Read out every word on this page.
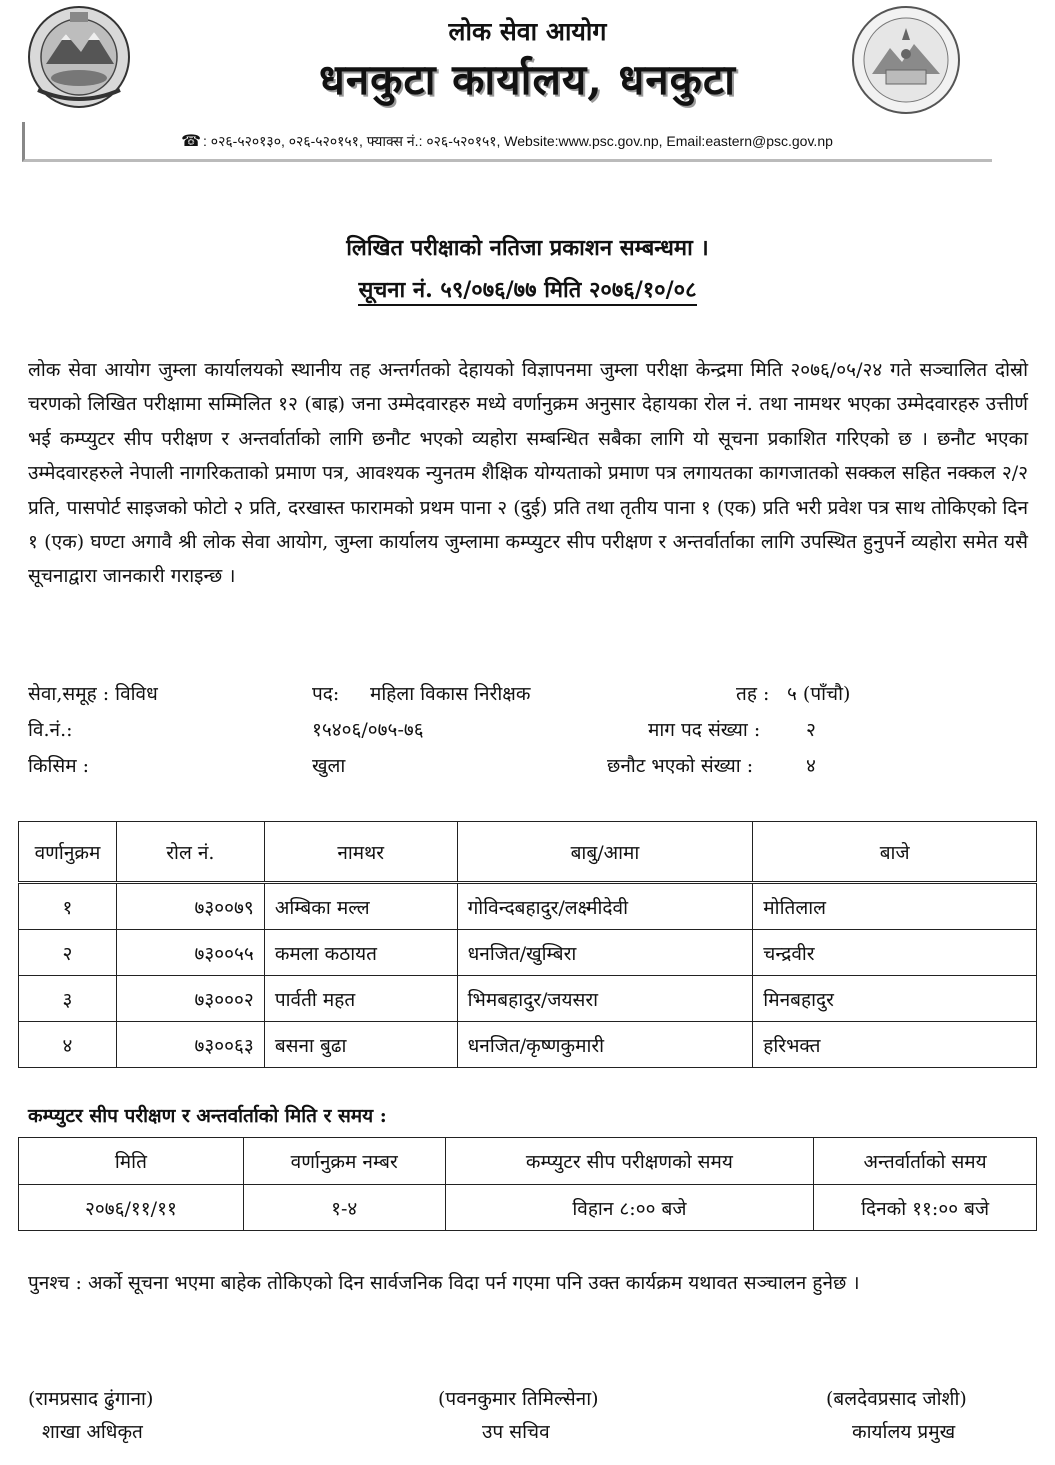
लोक सेवा आयोग
धनकुटा कार्यालय, धनकुटा
☎ : ०२६-५२०१३०, ०२६-५२०१५१, फ्याक्स नं.: ०२६-५२०१५१, Website:www.psc.gov.np, Email:eastern@psc.gov.np
लिखित परीक्षाको नतिजा प्रकाशन सम्बन्धमा ।
सूचना नं. ५९/०७६/७७ मिति २०७६/१०/०८
लोक सेवा आयोग जुम्ला कार्यालयको स्थानीय तह अन्तर्गतको देहायको विज्ञापनमा जुम्ला परीक्षा केन्द्रमा मिति २०७६/०५/२४ गते सञ्चालित दोस्रो चरणको लिखित परीक्षामा सम्मिलित १२ (बाह्र) जना उम्मेदवारहरु मध्ये वर्णानुक्रम अनुसार देहायका रोल नं. तथा नामथर भएका उम्मेदवारहरु उत्तीर्ण भई कम्प्युटर सीप परीक्षण र अन्तर्वार्ताको लागि छनौट भएको व्यहोरा सम्बन्धित सबैका लागि यो सूचना प्रकाशित गरिएको छ । छनौट भएका उम्मेदवारहरुले नेपाली नागरिकताको प्रमाण पत्र, आवश्यक न्युनतम शैक्षिक योग्यताको प्रमाण पत्र लगायतका कागजातको सक्कल सहित नक्कल २/२ प्रति, पासपोर्ट साइजको फोटो २ प्रति, दरखास्त फारामको प्रथम पाना २ (दुई) प्रति तथा तृतीय पाना १ (एक) प्रति भरी प्रवेश पत्र साथ तोकिएको दिन १ (एक) घण्टा अगावै श्री लोक सेवा आयोग, जुम्ला कार्यालय जुम्लामा कम्प्युटर सीप परीक्षण र अन्तर्वार्ताका लागि उपस्थित हुनुपर्ने व्यहोरा समेत यसै सूचनाद्वारा जानकारी गराइन्छ ।
सेवा,समूह : विविध	पद: महिला विकास निरीक्षक	तह : ५ (पाँचौ)
वि.नं.:	१५४०६/०७५-७६	माग पद संख्या : २
किसिम :	खुला	छनौट भएको संख्या :	४
वर्णानुक्रम	रोल नं.	नामथर	बाबु/आमा	बाजे
१	७३००७९	अम्बिका मल्ल	गोविन्दबहादुर/लक्ष्मीदेवी	मोतिलाल
२	७३००५५	कमला कठायत	धनजित/खुम्बिरा	चन्द्रवीर
३	७३०००२	पार्वती महत	भिमबहादुर/जयसरा	मिनबहादुर
४	७३००६३	बसना बुढा	धनजित/कृष्णकुमारी	हरिभक्त
कम्प्युटर सीप परीक्षण र अन्तर्वार्ताको मिति र समय :
मिति	वर्णानुक्रम नम्बर	कम्प्युटर सीप परीक्षणको समय	अन्तर्वार्ताको समय
२०७६/११/११	१-४	विहान ८:०० बजे	दिनको ११:०० बजे
पुनश्च : अर्को सूचना भएमा बाहेक तोकिएको दिन सार्वजनिक विदा पर्न गएमा पनि उक्त कार्यक्रम यथावत सञ्चालन हुनेछ ।
(रामप्रसाद ढुंगाना)
शाखा अधिकृत
(पवनकुमार तिमिल्सेना)
उप सचिव
(बलदेवप्रसाद जोशी)
कार्यालय प्रमुख
